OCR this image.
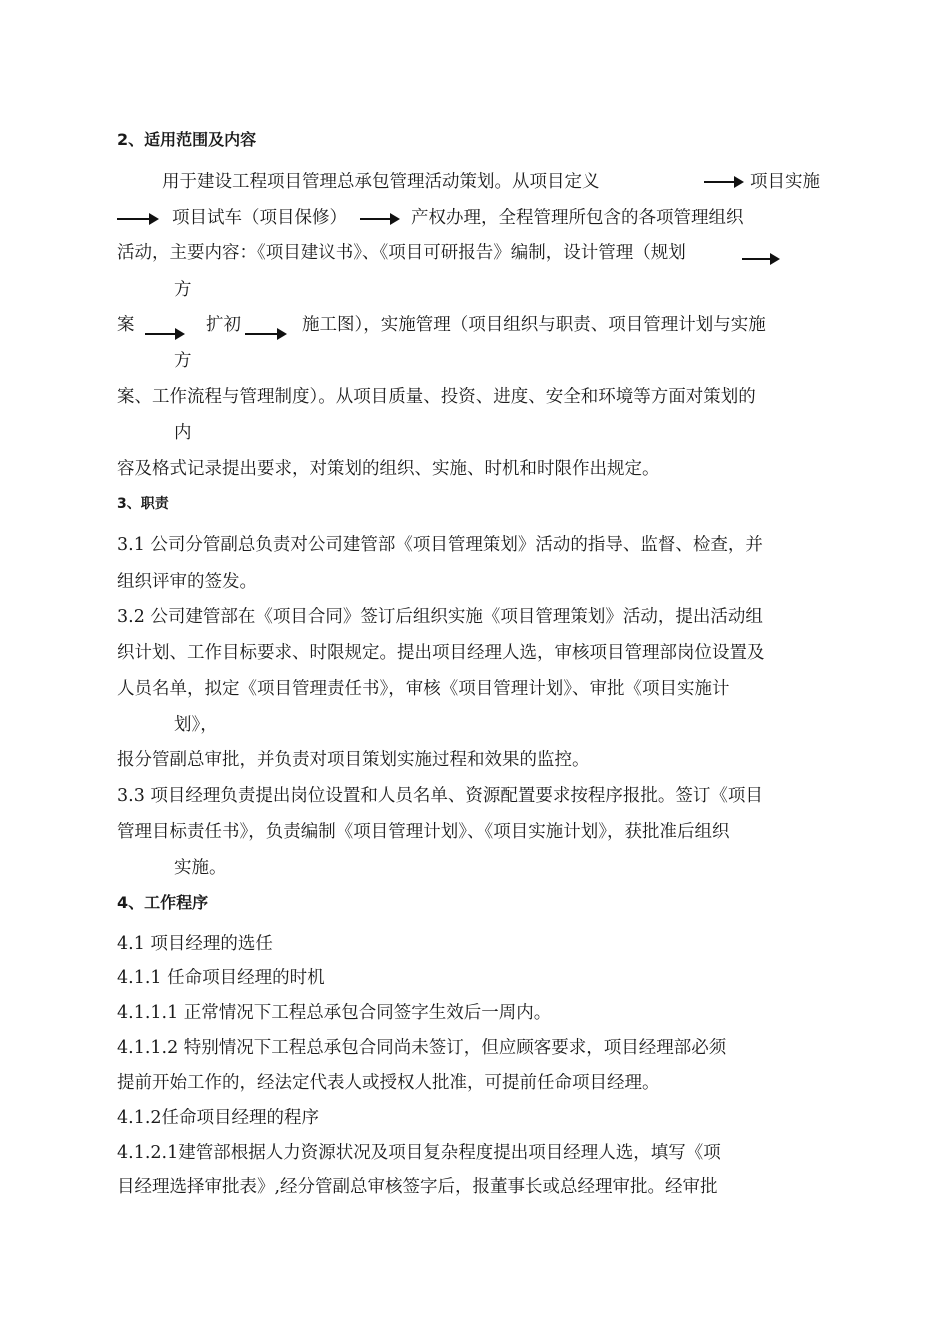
2、适用范围及内容
用于建设工程项目管理总承包管理活动策划。从项目定义	项目实施
项目试车（项目保修）	产权办理，全程管理所包含的各项管理组织
活动，主要内容：《项目建议书》、《项目可研报告》编制，设计管理（规划
方
案	扩初	施工图），实施管理（项目组织与职责、项目管理计划与实施
方
案、工作流程与管理制度）。从项目质量、投资、进度、安全和环境等方面对策划的
内
容及格式记录提出要求，对策划的组织、实施、时机和时限作出规定。
3、职责
3.1 公司分管副总负责对公司建管部《项目管理策划》活动的指导、监督、检查，并
组织评审的签发。
3.2 公司建管部在《项目合同》签订后组织实施《项目管理策划》活动，提出活动组
织计划、工作目标要求、时限规定。提出项目经理人选，审核项目管理部岗位设置及
人员名单，拟定《项目管理责任书》，审核《项目管理计划》、审批《项目实施计
划》，
报分管副总审批，并负责对项目策划实施过程和效果的监控。
3.3 项目经理负责提出岗位设置和人员名单、资源配置要求按程序报批。签订《项目
管理目标责任书》，负责编制《项目管理计划》、《项目实施计划》，获批准后组织
实施。
4、工作程序
4.1 项目经理的选任
4.1.1 任命项目经理的时机
4.1.1.1 正常情况下工程总承包合同签字生效后一周内。
4.1.1.2 特别情况下工程总承包合同尚未签订，但应顾客要求，项目经理部必须
提前开始工作的，经法定代表人或授权人批准，可提前任命项目经理。
4.1.2任命项目经理的程序
4.1.2.1建管部根据人力资源状况及项目复杂程度提出项目经理人选，填写《项
目经理选择审批表》,经分管副总审核签字后，报董事长或总经理审批。经审批
